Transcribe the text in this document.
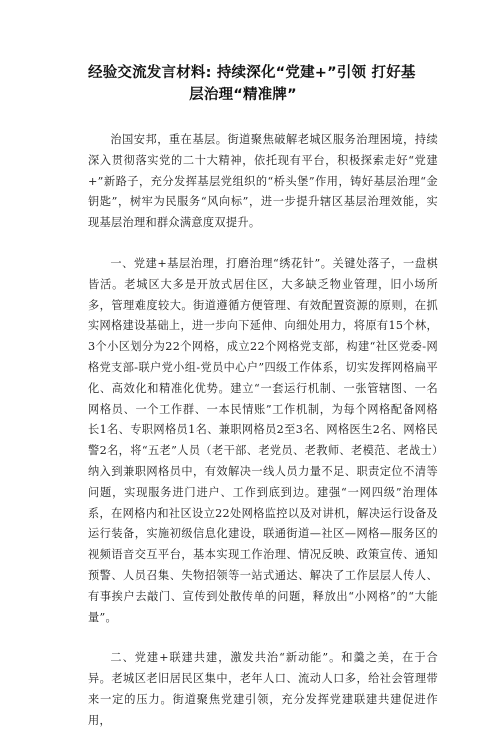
经验交流发言材料: 持续深化“党建+”引领 打好基
层治理“精准牌”

治国安邦，重在基层。街道聚焦破解老城区服务治理困境，持续深入贯彻落实党的二十大精神，依托现有平台，积极探索走好“党建+”新路子，充分发挥基层党组织的“桥头堡”作用，铸好基层治理“金钥匙”，树牢为民服务“风向标”，进一步提升辖区基层治理效能，实现基层治理和群众满意度双提升。

一、党建+基层治理，打磨治理“绣花针”。关键处落子，一盘棋皆活。老城区大多是开放式居住区，大多缺乏物业管理，旧小场所多，管理难度较大。街道遵循方便管理、有效配置资源的原则，在抓实网格建设基础上，进一步向下延伸、向细处用力，将原有15个林，3个小区划分为22个网格，成立22个网格党支部，构建“社区党委-网格党支部-联户党小组-党员中心户”四级工作体系，切实发挥网格扁平化、高效化和精准化优势。建立“一套运行机制、一张管辖图、一名网格员、一个工作群、一本民情账”工作机制，为每个网格配备网格长1名、专职网格员1名、兼职网格员2至3名、网格医生2名、网格民警2名，将“五老”人员（老干部、老党员、老教师、老模范、老战士）纳入到兼职网格员中，有效解决一线人员力量不足、职责定位不清等问题，实现服务进门进户、工作到底到边。建强“一网四级”治理体系，在网格内和社区设立22处网格监控以及对讲机，解决运行设备及运行装备，实施初级信息化建设，联通街道—社区—网格—服务区的视频语音交互平台，基本实现工作治理、情况反映、政策宣传、通知预警、人员召集、失物招领等一站式通达、解决了工作层层人传人、有事挨户去敲门、宣传到处散传单的问题，释放出“小网格”的“大能量”。

二、党建+联建共建，激发共治“新动能”。和羹之美，在于合异。老城区老旧居民区集中，老年人口、流动人口多，给社会管理带来一定的压力。街道聚焦党建引领，充分发挥党建联建共建促进作用，
